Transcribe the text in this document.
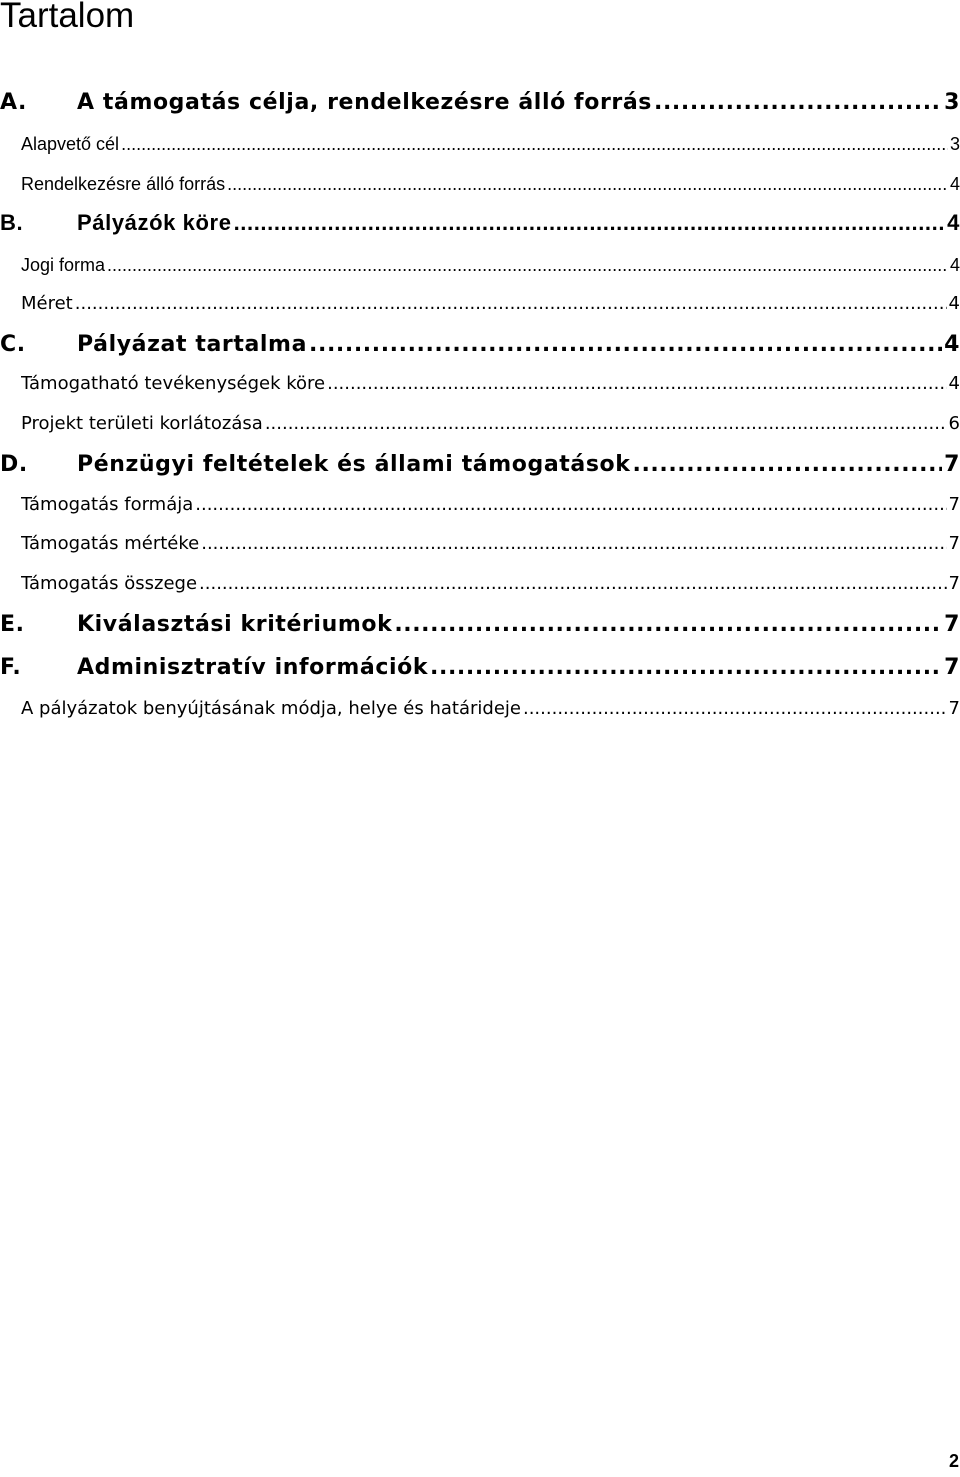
Tartalom
A.	A támogatás célja, rendelkezésre álló forrás .....	3
Alapvető cél .....	3
Rendelkezésre álló forrás .....	4
B.	Pályázók köre .....	4
Jogi forma .....	4
Méret .....	4
C.	Pályázat tartalma .....	4
Támogatható tevékenységek köre .....	4
Projekt területi korlátozása .....	6
D.	Pénzügyi feltételek és állami támogatások .....	7
Támogatás formája .....	7
Támogatás mértéke .....	7
Támogatás összege .....	7
E.	Kiválasztási kritériumok .....	7
F.	Adminisztratív információk .....	7
A pályázatok benyújtásának módja, helye és határideje .....	7

2
